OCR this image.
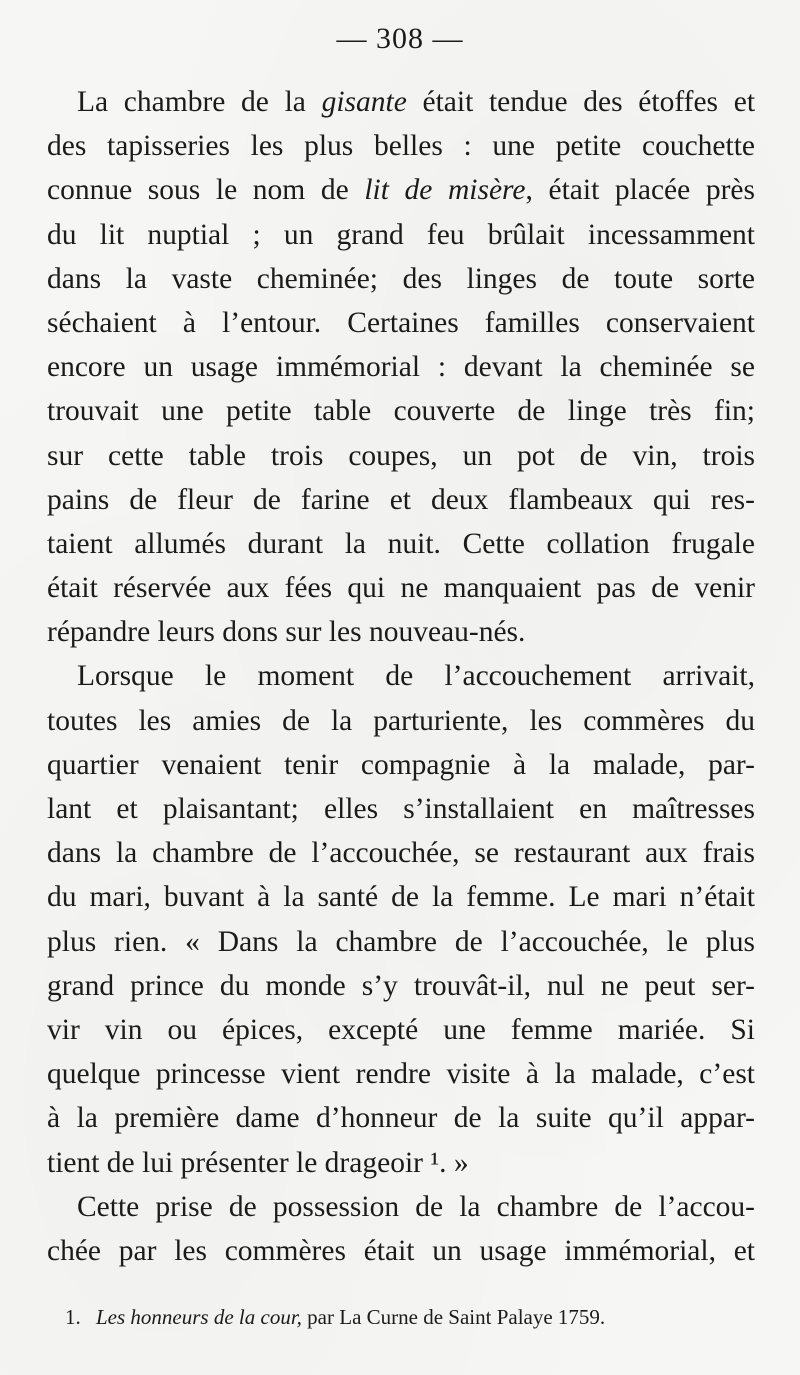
— 308 —
La chambre de la gisante était tendue des étoffes et
des tapisseries les plus belles : une petite couchette
connue sous le nom de lit de misère, était placée près
du lit nuptial ; un grand feu brûlait incessamment
dans la vaste cheminée; des linges de toute sorte
séchaient à l’entour. Certaines familles conservaient
encore un usage immémorial : devant la cheminée se
trouvait une petite table couverte de linge très fin;
sur cette table trois coupes, un pot de vin, trois
pains de fleur de farine et deux flambeaux qui res-
taient allumés durant la nuit. Cette collation frugale
était réservée aux fées qui ne manquaient pas de venir
répandre leurs dons sur les nouveau-nés.
Lorsque le moment de l’accouchement arrivait,
toutes les amies de la parturiente, les commères du
quartier venaient tenir compagnie à la malade, par-
lant et plaisantant; elles s’installaient en maîtresses
dans la chambre de l’accouchée, se restaurant aux frais
du mari, buvant à la santé de la femme. Le mari n’était
plus rien. « Dans la chambre de l’accouchée, le plus
grand prince du monde s’y trouvât-il, nul ne peut ser-
vir vin ou épices, excepté une femme mariée. Si
quelque princesse vient rendre visite à la malade, c’est
à la première dame d’honneur de la suite qu’il appar-
tient de lui présenter le drageoir ¹. »
Cette prise de possession de la chambre de l’accou-
chée par les commères était un usage immémorial, et
1. Les honneurs de la cour, par La Curne de Saint Palaye 1759.
